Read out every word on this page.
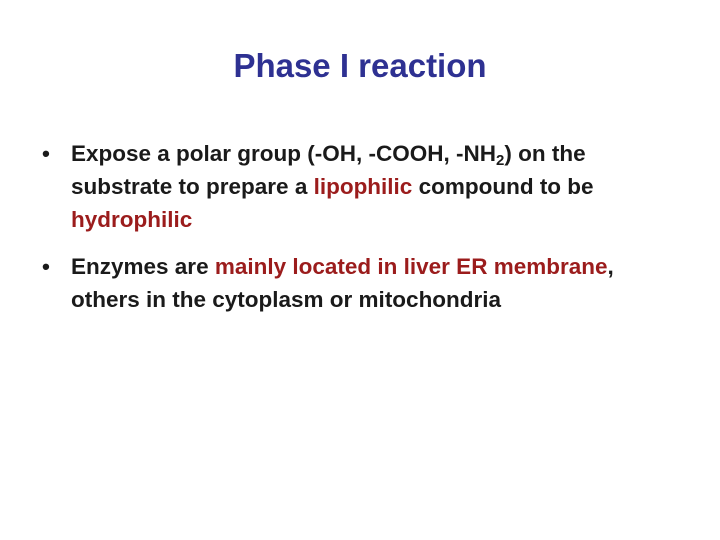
Phase I reaction
• Expose a polar group (-OH, -COOH, $-NH_2$) on the substrate to prepare a lipophilic compound to be hydrophilic
• Enzymes are mainly located in liver ER membrane, others in the cytoplasm or mitochondria
